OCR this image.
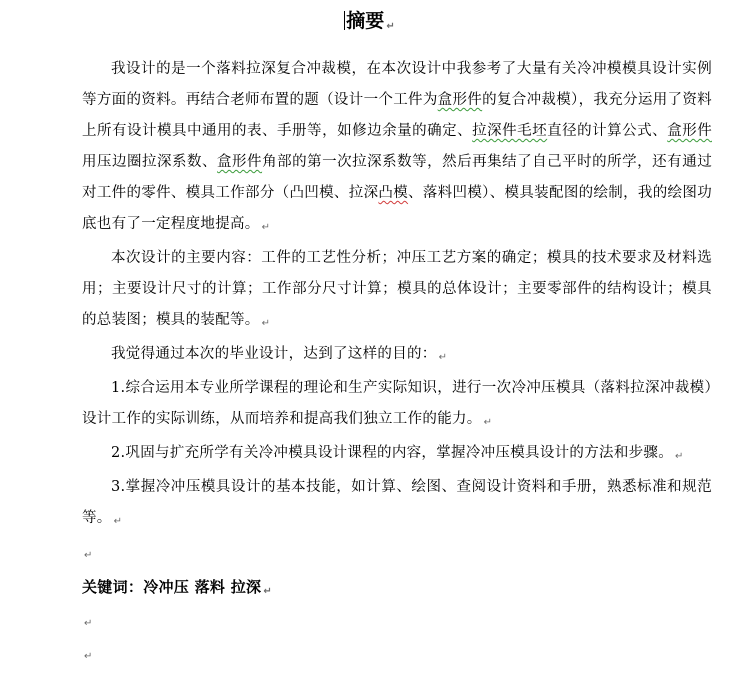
摘要 ↵

我设计的是一个落料拉深复合冲裁模，在本次设计中我参考了大量有关冷冲模模具设计实例等方面的资料。再结合老师布置的题（设计一个工件为盒形件的复合冲裁模），我充分运用了资料上所有设计模具中通用的表、手册等，如修边余量的确定、拉深件毛坯直径的计算公式、盒形件用压边圈拉深系数、盒形件角部的第一次拉深系数等，然后再集结了自己平时的所学，还有通过对工件的零件、模具工作部分（凸凹模、拉深凸模、落料凹模）、模具装配图的绘制，我的绘图功底也有了一定程度地提高。 ↵

本次设计的主要内容：工件的工艺性分析；冲压工艺方案的确定；模具的技术要求及材料选用；主要设计尺寸的计算；工作部分尺寸计算；模具的总体设计；主要零部件的结构设计；模具的总装图；模具的装配等。 ↵

我觉得通过本次的毕业设计，达到了这样的目的： ↵

1.综合运用本专业所学课程的理论和生产实际知识，进行一次冷冲压模具（落料拉深冲裁模）设计工作的实际训练，从而培养和提高我们独立工作的能力。 ↵

2.巩固与扩充所学有关冷冲模具设计课程的内容，掌握冷冲压模具设计的方法和步骤。 ↵

3.掌握冷冲压模具设计的基本技能，如计算、绘图、查阅设计资料和手册，熟悉标准和规范等。 ↵

↵

关键词：冷冲压 落料 拉深 ↵

↵

↵
